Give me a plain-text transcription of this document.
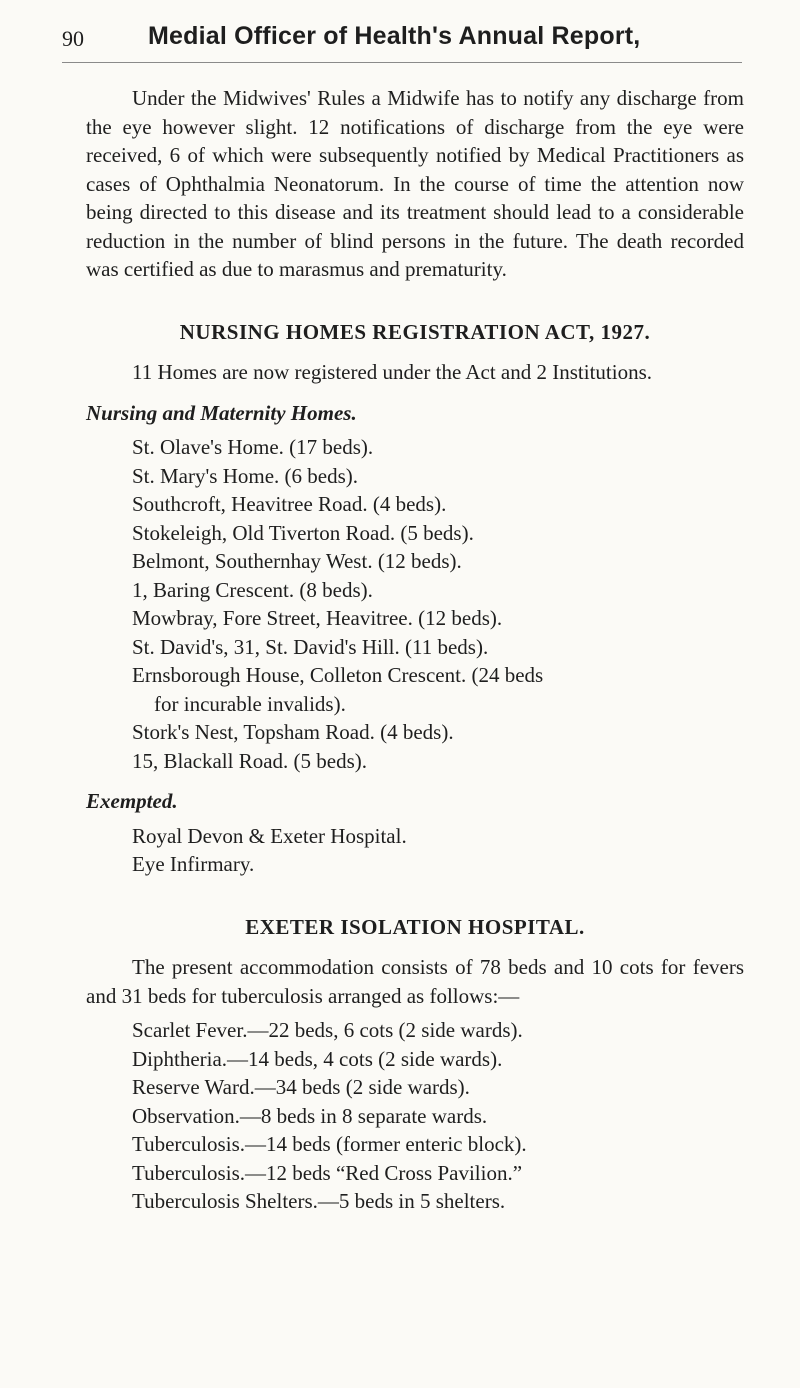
90	Medial Officer of Health's Annual Report,

Under the Midwives' Rules a Midwife has to notify any discharge from the eye however slight. 12 notifications of discharge from the eye were received, 6 of which were subsequently notified by Medical Practitioners as cases of Ophthalmia Neonatorum. In the course of time the attention now being directed to this disease and its treatment should lead to a considerable reduction in the number of blind persons in the future. The death recorded was certified as due to marasmus and prematurity.

NURSING HOMES REGISTRATION ACT, 1927.

11 Homes are now registered under the Act and 2 Institutions.

Nursing and Maternity Homes.
St. Olave's Home. (17 beds).
St. Mary's Home. (6 beds).
Southcroft, Heavitree Road. (4 beds).
Stokeleigh, Old Tiverton Road. (5 beds).
Belmont, Southernhay West. (12 beds).
1, Baring Crescent. (8 beds).
Mowbray, Fore Street, Heavitree. (12 beds).
St. David's, 31, St. David's Hill. (11 beds).
Ernsborough House, Colleton Crescent. (24 beds
for incurable invalids).
Stork's Nest, Topsham Road. (4 beds).
15, Blackall Road. (5 beds).
Exempted.
Royal Devon & Exeter Hospital.
Eye Infirmary.
EXETER ISOLATION HOSPITAL.

The present accommodation consists of 78 beds and 10 cots for fevers and 31 beds for tuberculosis arranged as follows:—

Scarlet Fever.—22 beds, 6 cots (2 side wards).
Diphtheria.—14 beds, 4 cots (2 side wards).
Reserve Ward.—34 beds (2 side wards).
Observation.—8 beds in 8 separate wards.
Tuberculosis.—14 beds (former enteric block).
Tuberculosis.—12 beds “Red Cross Pavilion.”
Tuberculosis Shelters.—5 beds in 5 shelters.
